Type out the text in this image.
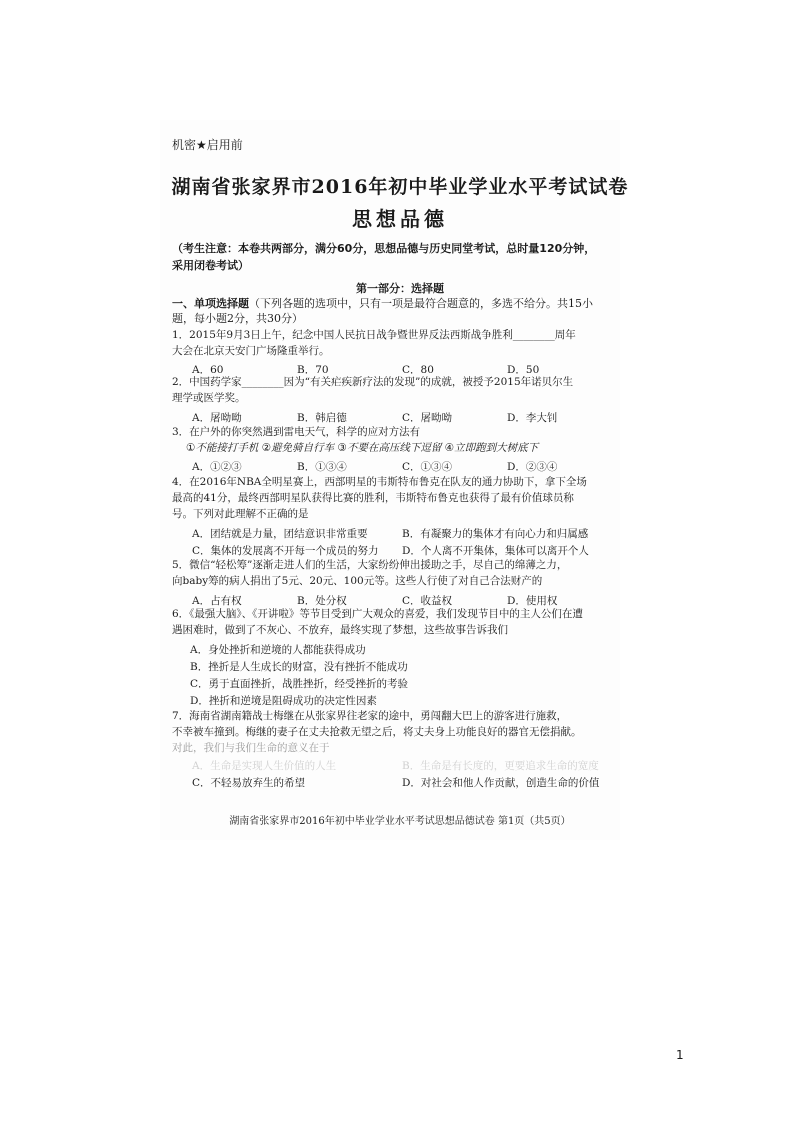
机密★启用前
湖南省张家界市2016年初中毕业学业水平考试试卷
思想品德
（考生注意：本卷共两部分，满分60分，思想品德与历史同堂考试，总时量120分钟，
采用闭卷考试）
第一部分：选择题
一、单项选择题（下列各题的选项中，只有一项是最符合题意的，多选不给分。共15小
题，每小题2分，共30分）
1．2015年9月3日上午，纪念中国人民抗日战争暨世界反法西斯战争胜利________周年
大会在北京天安门广场隆重举行。
A．60	B．70	C．80	D．50
2．中国药学家________因为“有关疟疾新疗法的发现”的成就，被授予2015年诺贝尔生
理学或医学奖。
A．屠呦呦	B．韩启德	C．屠呦呦	D．李大钊
3．在户外的你突然遇到雷电天气，科学的应对方法有
①不能接打手机 ②避免骑自行车 ③不要在高压线下逗留 ④立即跑到大树底下
A．①②③	B．①③④	C．①③④	D．②③④
4．在2016年NBA全明星赛上，西部明星的韦斯特布鲁克在队友的通力协助下，拿下全场
最高的41分，最终西部明星队获得比赛的胜利，韦斯特布鲁克也获得了最有价值球员称
号。下列对此理解不正确的是
A．团结就是力量，团结意识非常重要	B．有凝聚力的集体才有向心力和归属感
C．集体的发展离不开每一个成员的努力	D．个人离不开集体，集体可以离开个人
5．微信“轻松筹”逐渐走进人们的生活，大家纷纷伸出援助之手，尽自己的绵薄之力，
向baby筹的病人捐出了5元、20元、100元等。这些人行使了对自己合法财产的
A．占有权	B．处分权	C．收益权	D．使用权
6．《最强大脑》、《开讲啦》等节目受到广大观众的喜爱，我们发现节目中的主人公们在遭
遇困难时，做到了不灰心、不放弃，最终实现了梦想，这些故事告诉我们
A．身处挫折和逆境的人都能获得成功
B．挫折是人生成长的财富，没有挫折不能成功
C．勇于直面挫折，战胜挫折，经受挫折的考验
D．挫折和逆境是阻碍成功的决定性因素
7．海南省湖南籍战士梅继在从张家界往老家的途中，勇闯翻大巴上的游客进行施救，
不幸被车撞到。梅继的妻子在丈夫抢救无望之后，将丈夫身上功能良好的器官无偿捐献。
对此，我们与我们生命的意义在于
A．生命是实现人生价值的人生	B．生命是有长度的，更要追求生命的宽度
C．不轻易放弃生的希望	D．对社会和他人作贡献，创造生命的价值
湖南省张家界市2016年初中毕业学业水平考试思想品德试卷 第1页（共5页）
1
